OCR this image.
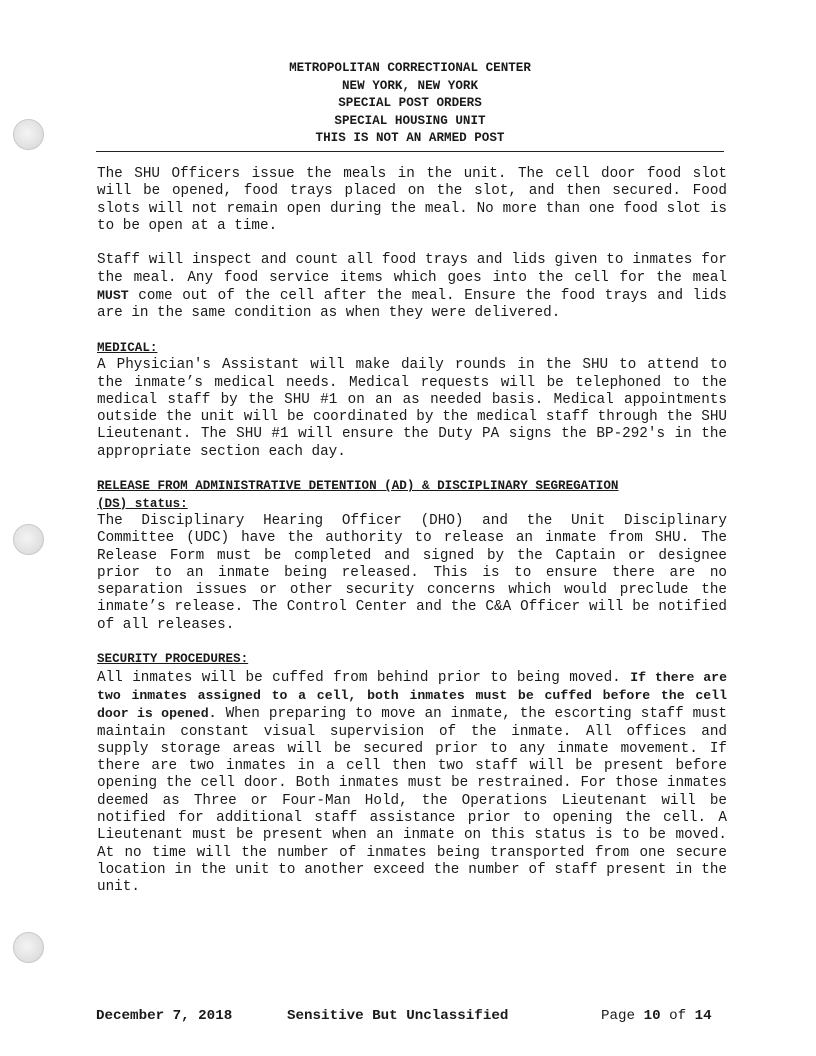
METROPOLITAN CORRECTIONAL CENTER
NEW YORK, NEW YORK
SPECIAL POST ORDERS
SPECIAL HOUSING UNIT
THIS IS NOT AN ARMED POST

The SHU Officers issue the meals in the unit. The cell door food slot will be opened, food trays placed on the slot, and then secured. Food slots will not remain open during the meal. No more than one food slot is to be open at a time.

Staff will inspect and count all food trays and lids given to inmates for the meal. Any food service items which goes into the cell for the meal MUST come out of the cell after the meal. Ensure the food trays and lids are in the same condition as when they were delivered.

MEDICAL:

A Physician's Assistant will make daily rounds in the SHU to attend to the inmate’s medical needs. Medical requests will be telephoned to the medical staff by the SHU #1 on an as needed basis. Medical appointments outside the unit will be coordinated by the medical staff through the SHU Lieutenant. The SHU #1 will ensure the Duty PA signs the BP-292's in the appropriate section each day.

RELEASE FROM ADMINISTRATIVE DETENTION (AD) & DISCIPLINARY SEGREGATION (DS) status:

The Disciplinary Hearing Officer (DHO) and the Unit Disciplinary Committee (UDC) have the authority to release an inmate from SHU. The Release Form must be completed and signed by the Captain or designee prior to an inmate being released. This is to ensure there are no separation issues or other security concerns which would preclude the inmate’s release. The Control Center and the C&A Officer will be notified of all releases.

SECURITY PROCEDURES:

All inmates will be cuffed from behind prior to being moved. If there are two inmates assigned to a cell, both inmates must be cuffed before the cell door is opened. When preparing to move an inmate, the escorting staff must maintain constant visual supervision of the inmate. All offices and supply storage areas will be secured prior to any inmate movement. If there are two inmates in a cell then two staff will be present before opening the cell door. Both inmates must be restrained. For those inmates deemed as Three or Four-Man Hold, the Operations Lieutenant will be notified for additional staff assistance prior to opening the cell. A Lieutenant must be present when an inmate on this status is to be moved. At no time will the number of inmates being transported from one secure location in the unit to another exceed the number of staff present in the unit.

December 7, 2018	Sensitive But Unclassified	Page 10 of 14
